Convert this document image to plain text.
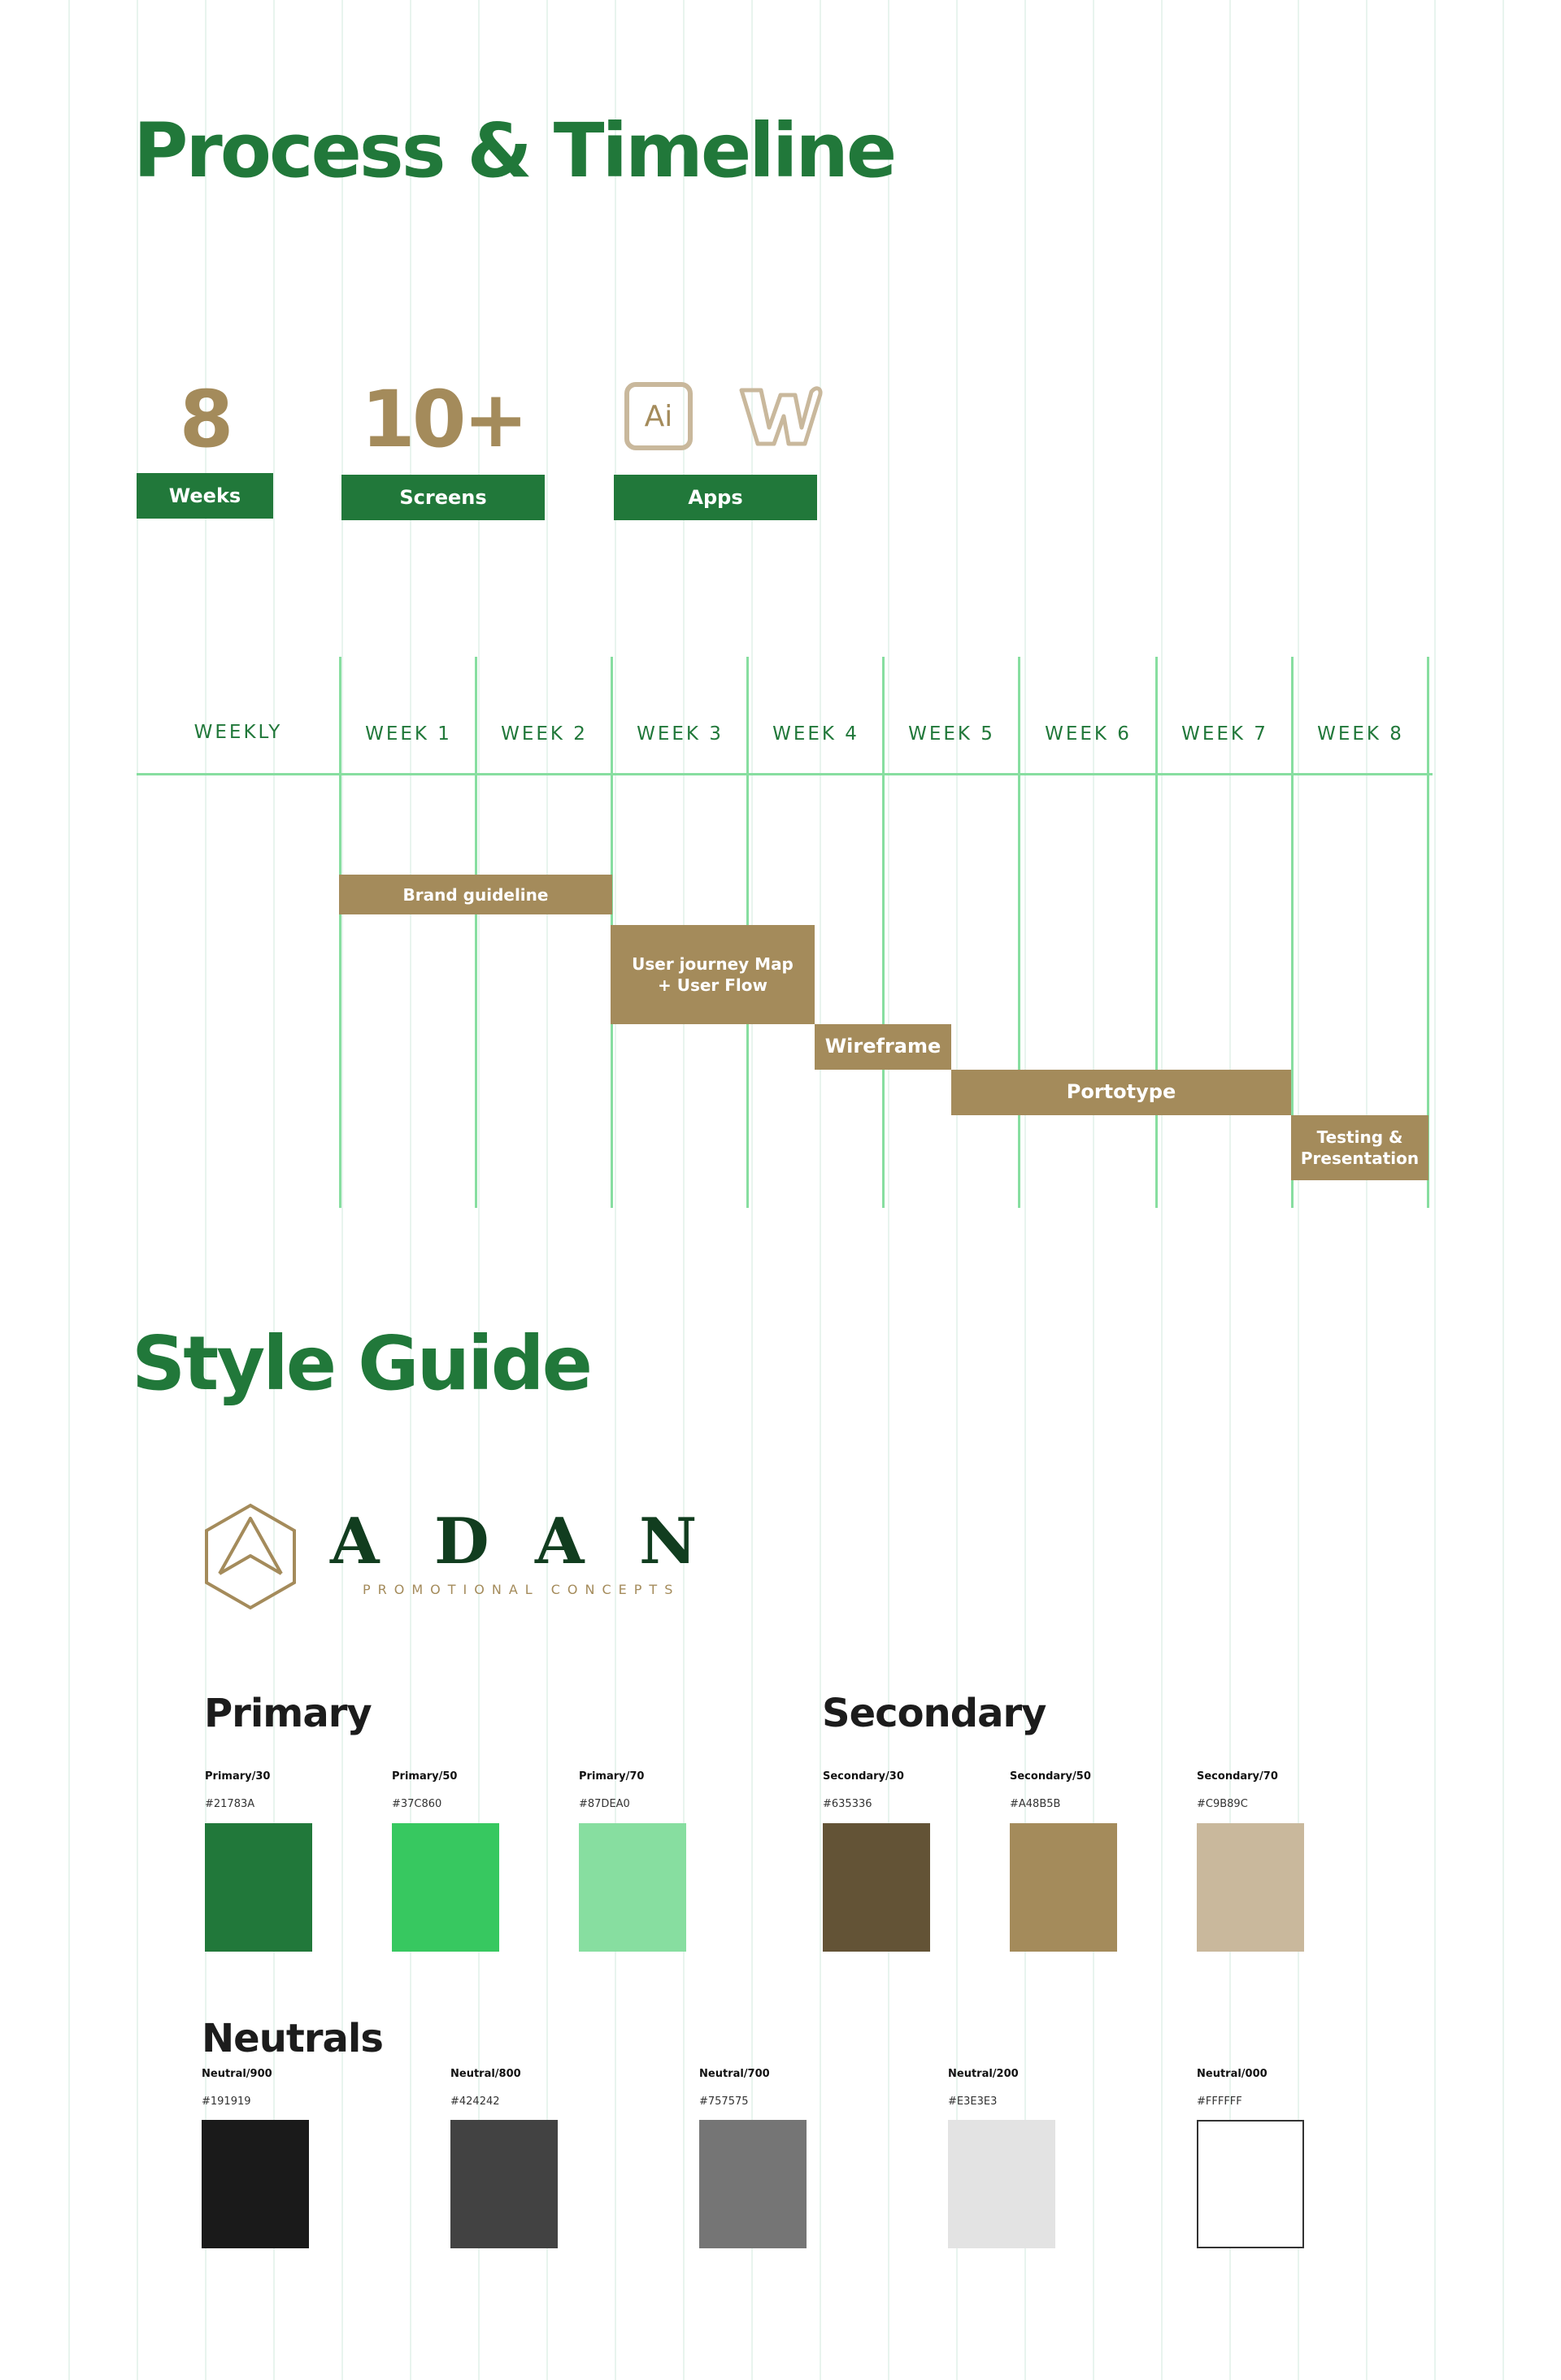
Process & Timeline
8
Weeks
10+
Screens
Ai
Apps
WEEKLY	WEEK 1	WEEK 2	WEEK 3	WEEK 4	WEEK 5	WEEK 6	WEEK 7	WEEK 8
Brand guideline
User journey Map
+ User Flow
Wireframe
Portotype
Testing &
Presentation
Style Guide
A D A N
PROMOTIONAL CONCEPTS
Primary
Primary/30
#21783A
Primary/50
#37C860
Primary/70
#87DEA0
Secondary
Secondary/30
#635336
Secondary/50
#A48B5B
Secondary/70
#C9B89C
Neutrals
Neutral/900
#191919
Neutral/800
#424242
Neutral/700
#757575
Neutral/200
#E3E3E3
Neutral/000
#FFFFFF
